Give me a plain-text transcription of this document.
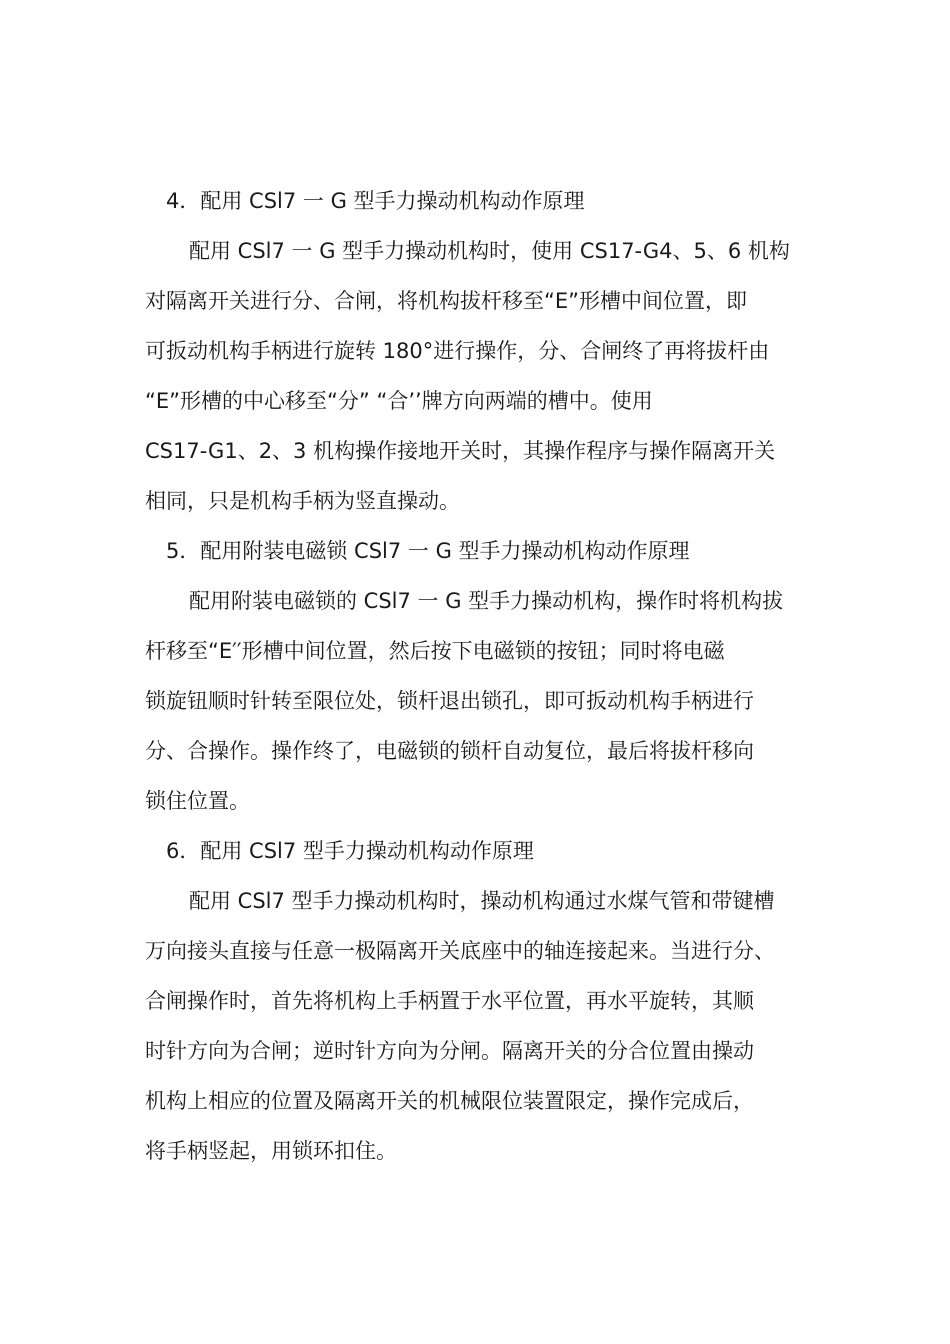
4．配用 CSl7 一 G 型手力操动机构动作原理
配用 CSl7 一 G 型手力操动机构时，使用 CS17-G4、5、6 机构
对隔离开关进行分、合闸，将机构拔杆移至“E”形槽中间位置，即
可扳动机构手柄进行旋转 180°进行操作，分、合闸终了再将拔杆由
“E”形槽的中心移至“分” “合’’牌方向两端的槽中。使用
CS17-G1、2、3 机构操作接地开关时，其操作程序与操作隔离开关
相同，只是机构手柄为竖直操动。
5．配用附装电磁锁 CSl7 一 G 型手力操动机构动作原理
配用附装电磁锁的 CSl7 一 G 型手力操动机构，操作时将机构拔
杆移至“E′′形槽中间位置，然后按下电磁锁的按钮；同时将电磁
锁旋钮顺时针转至限位处，锁杆退出锁孔，即可扳动机构手柄进行
分、合操作。操作终了，电磁锁的锁杆自动复位，最后将拔杆移向
锁住位置。
6．配用 CSl7 型手力操动机构动作原理
配用 CSl7 型手力操动机构时，操动机构通过水煤气管和带键槽
万向接头直接与任意一极隔离开关底座中的轴连接起来。当进行分、
合闸操作时，首先将机构上手柄置于水平位置，再水平旋转，其顺
时针方向为合闸；逆时针方向为分闸。隔离开关的分合位置由操动
机构上相应的位置及隔离开关的机械限位装置限定，操作完成后，
将手柄竖起，用锁环扣住。
